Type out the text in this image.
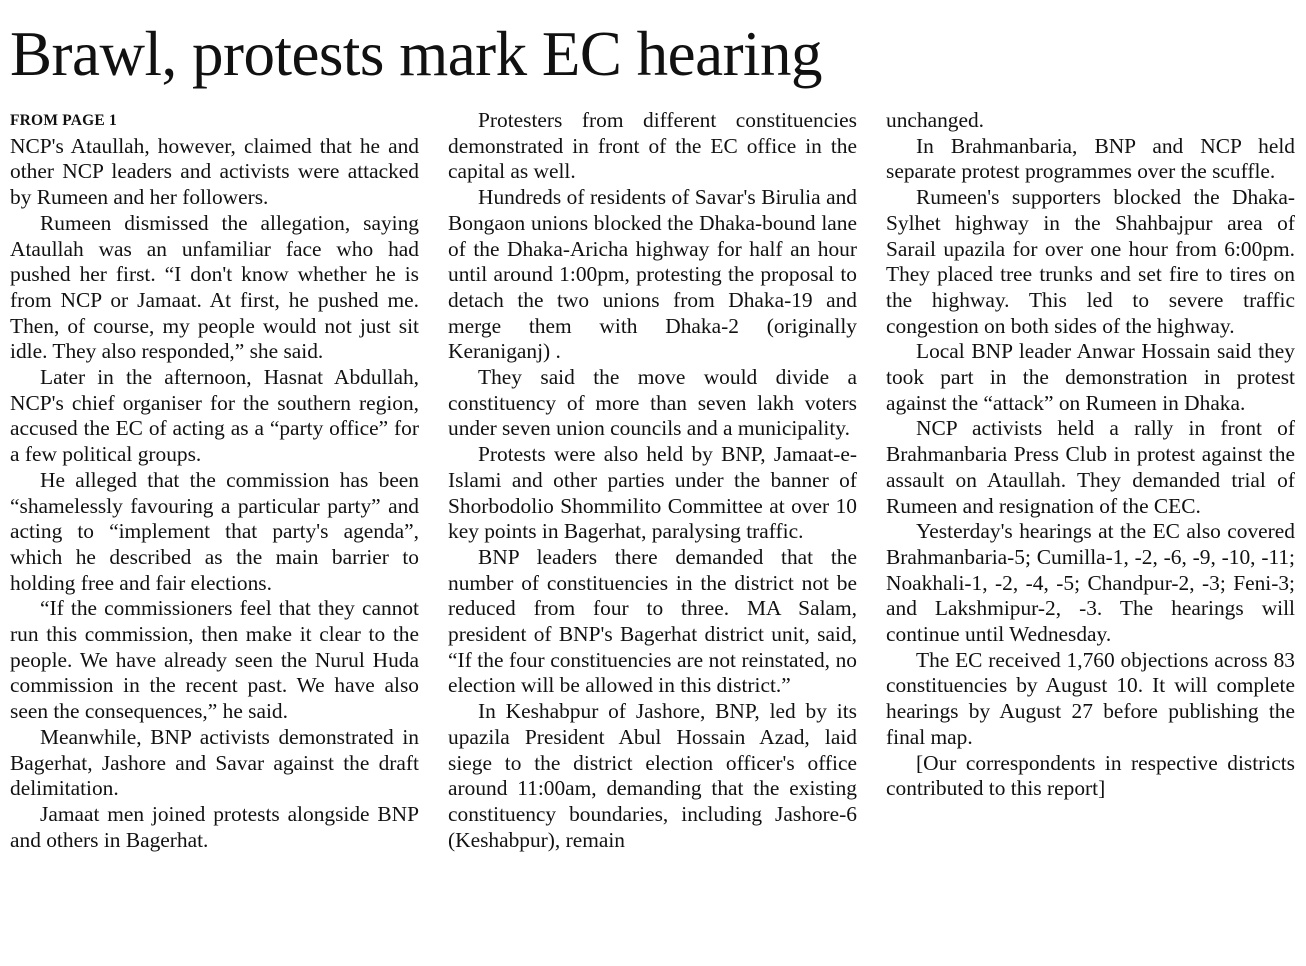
Brawl, protests mark EC hearing
FROM PAGE 1

NCP's Ataullah, however, claimed that he and other NCP leaders and activists were attacked by Rumeen and her followers.

Rumeen dismissed the allegation, saying Ataullah was an unfamiliar face who had pushed her first. “I don't know whether he is from NCP or Jamaat. At first, he pushed me. Then, of course, my people would not just sit idle. They also responded,” she said.

Later in the afternoon, Hasnat Abdullah, NCP's chief organiser for the southern region, accused the EC of acting as a “party office” for a few political groups.

He alleged that the commission has been “shamelessly favouring a particular party” and acting to “implement that party's agenda”, which he described as the main barrier to holding free and fair elections.

“If the commissioners feel that they cannot run this commission, then make it clear to the people. We have already seen the Nurul Huda commission in the recent past. We have also seen the consequences,” he said.

Meanwhile, BNP activists demonstrated in Bagerhat, Jashore and Savar against the draft delimitation.

Jamaat men joined protests alongside BNP and others in Bagerhat.

Protesters from different constituencies demonstrated in front of the EC office in the capital as well.

Hundreds of residents of Savar's Birulia and Bongaon unions blocked the Dhaka-bound lane of the Dhaka-Aricha highway for half an hour until around 1:00pm, protesting the proposal to detach the two unions from Dhaka-19 and merge them with Dhaka-2 (originally Keraniganj) .

They said the move would divide a constituency of more than seven lakh voters under seven union councils and a municipality.

Protests were also held by BNP, Jamaat-e-Islami and other parties under the banner of Shorbodolio Shommilito Committee at over 10 key points in Bagerhat, paralysing traffic.

BNP leaders there demanded that the number of constituencies in the district not be reduced from four to three. MA Salam, president of BNP's Bagerhat district unit, said, “If the four constituencies are not reinstated, no election will be allowed in this district.”

In Keshabpur of Jashore, BNP, led by its upazila President Abul Hossain Azad, laid siege to the district election officer's office around 11:00am, demanding that the existing constituency boundaries, including Jashore-6 (Keshabpur), remain

unchanged.

In Brahmanbaria, BNP and NCP held separate protest programmes over the scuffle.

Rumeen's supporters blocked the Dhaka-Sylhet highway in the Shahbajpur area of Sarail upazila for over one hour from 6:00pm. They placed tree trunks and set fire to tires on the highway. This led to severe traffic congestion on both sides of the highway.

Local BNP leader Anwar Hossain said they took part in the demonstration in protest against the “attack” on Rumeen in Dhaka.

NCP activists held a rally in front of Brahmanbaria Press Club in protest against the assault on Ataullah. They demanded trial of Rumeen and resignation of the CEC.

Yesterday's hearings at the EC also covered Brahmanbaria-5; Cumilla-1, -2, -6, -9, -10, -11; Noakhali-1, -2, -4, -5; Chandpur-2, -3; Feni-3; and Lakshmipur-2, -3. The hearings will continue until Wednesday.

The EC received 1,760 objections across 83 constituencies by August 10. It will complete hearings by August 27 before publishing the final map.

[Our correspondents in respective districts contributed to this report]
